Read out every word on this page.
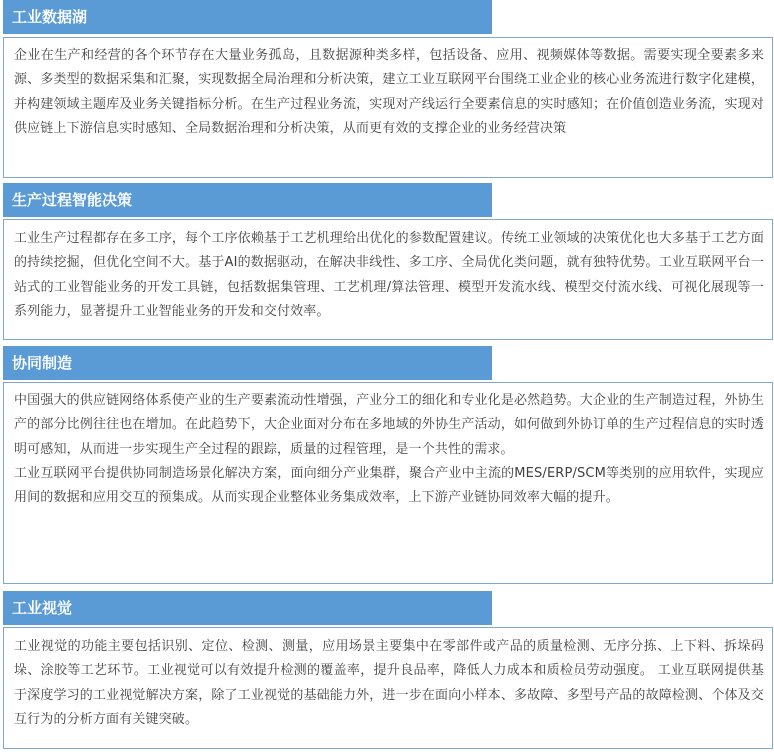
工业数据湖

企业在生产和经营的各个环节存在大量业务孤岛，且数据源种类多样，包括设备、应用、视频媒体等数据。需要实现全要素多来源、多类型的数据采集和汇聚，实现数据全局治理和分析决策，建立工业互联网平台围绕工业企业的核心业务流进行数字化建模，并构建领域主题库及业务关键指标分析。在生产过程业务流，实现对产线运行全要素信息的实时感知；在价值创造业务流，实现对供应链上下游信息实时感知、全局数据治理和分析决策，从而更有效的支撑企业的业务经营决策

生产过程智能决策

工业生产过程都存在多工序，每个工序依赖基于工艺机理给出优化的参数配置建议。传统工业领域的决策优化也大多基于工艺方面的持续挖掘，但优化空间不大。基于AI的数据驱动，在解决非线性、多工序、全局优化类问题，就有独特优势。工业互联网平台一站式的工业智能业务的开发工具链，包括数据集管理、工艺机理/算法管理、模型开发流水线、模型交付流水线、可视化展现等一系列能力，显著提升工业智能业务的开发和交付效率。

协同制造

中国强大的供应链网络体系使产业的生产要素流动性增强，产业分工的细化和专业化是必然趋势。大企业的生产制造过程，外协生产的部分比例往往也在增加。在此趋势下，大企业面对分布在多地域的外协生产活动，如何做到外协订单的生产过程信息的实时透明可感知，从而进一步实现生产全过程的跟踪，质量的过程管理，是一个共性的需求。

工业互联网平台提供协同制造场景化解决方案，面向细分产业集群，聚合产业中主流的MES/ERP/SCM等类别的应用软件，实现应用间的数据和应用交互的预集成。从而实现企业整体业务集成效率，上下游产业链协同效率大幅的提升。

工业视觉

工业视觉的功能主要包括识别、定位、检测、测量，应用场景主要集中在零部件或产品的质量检测、无序分拣、上下料、拆垛码垛、涂胶等工艺环节。工业视觉可以有效提升检测的覆盖率，提升良品率，降低人力成本和质检员劳动强度。 工业互联网提供基于深度学习的工业视觉解决方案，除了工业视觉的基础能力外，进一步在面向小样本、多故障、多型号产品的故障检测、个体及交互行为的分析方面有关键突破。
